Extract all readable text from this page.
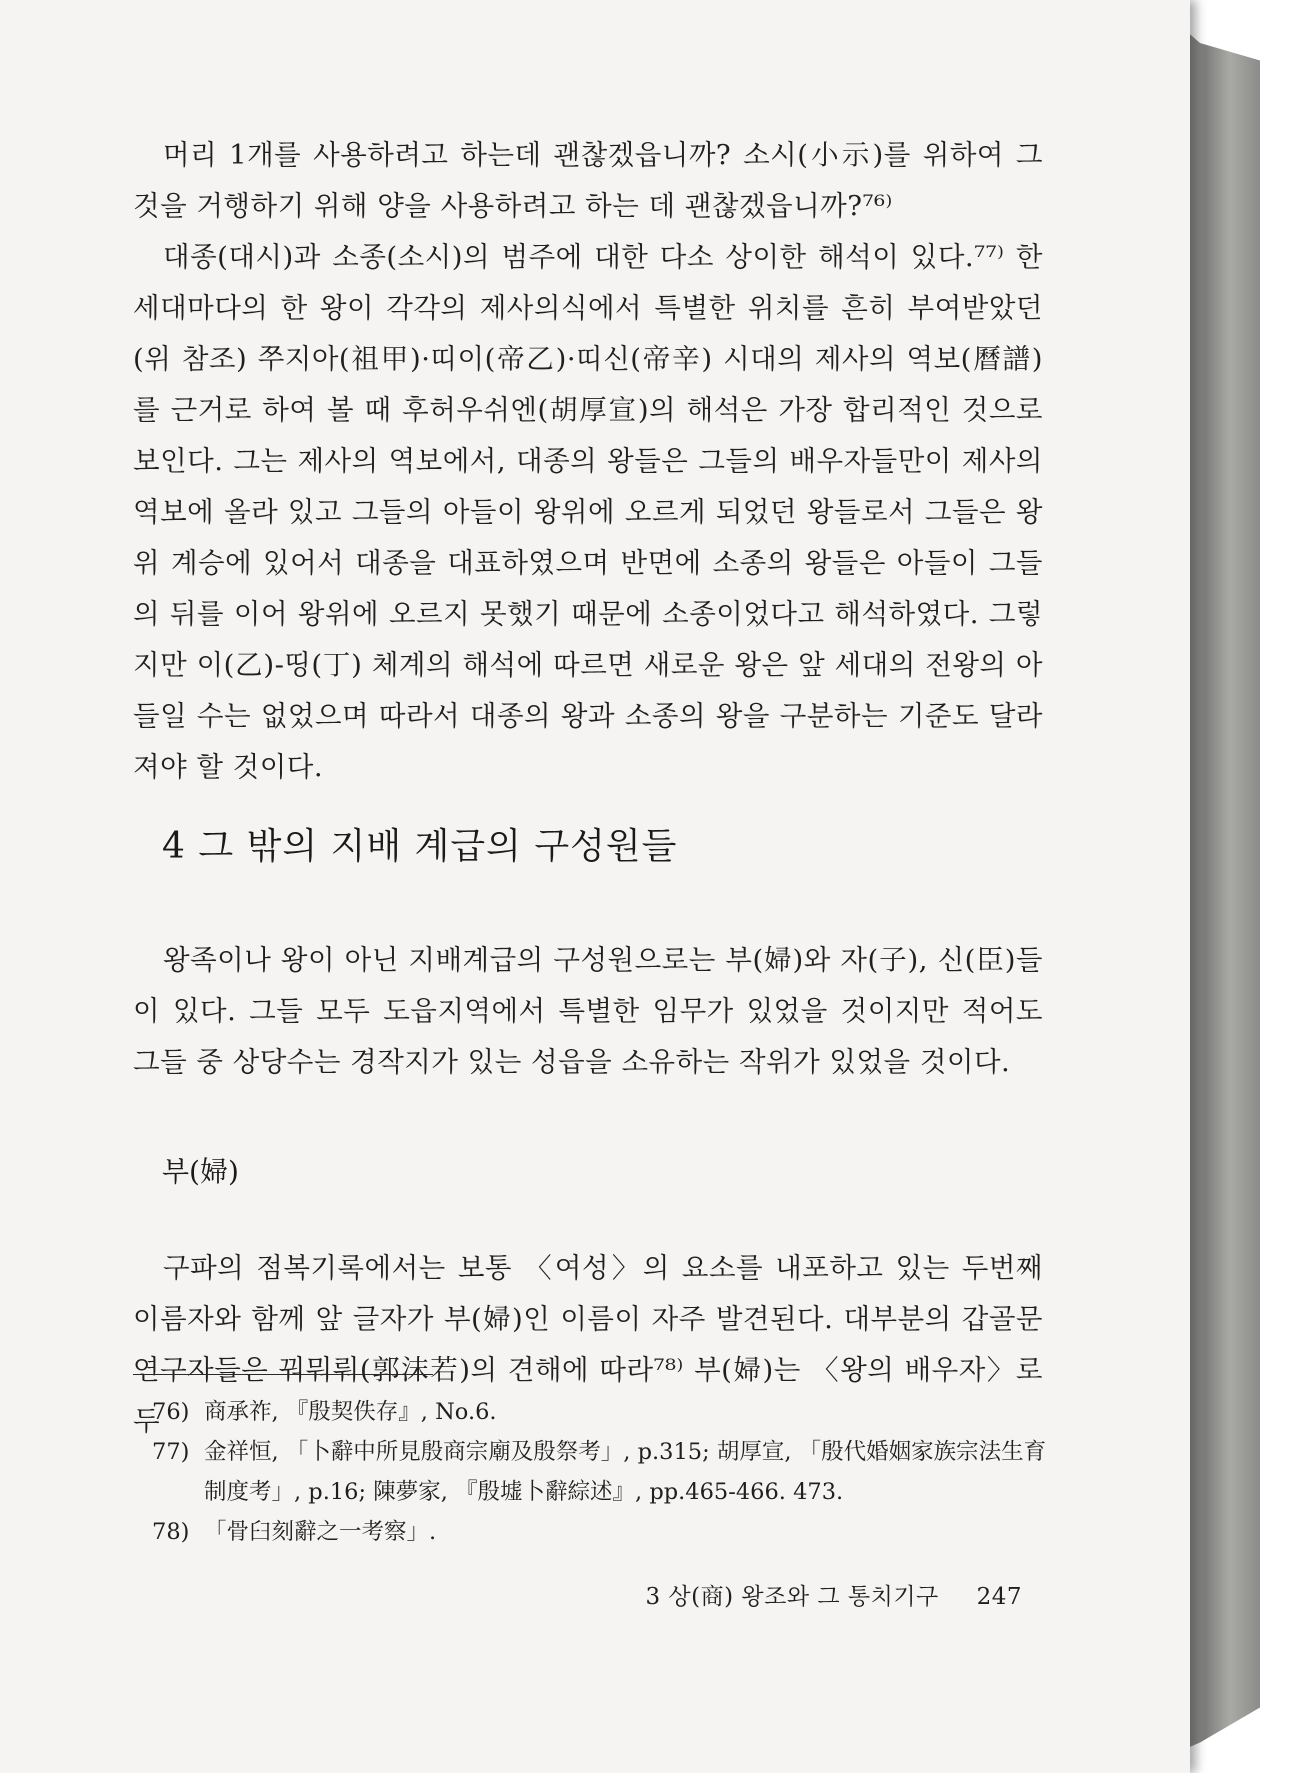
머리 1개를 사용하려고 하는데 괜찮겠읍니까? 소시(小示)를 위하여 그 것을 거행하기 위해 양을 사용하려고 하는 데 괜찮겠읍니까?⁷⁶⁾

대종(대시)과 소종(소시)의 범주에 대한 다소 상이한 해석이 있다.⁷⁷⁾ 한 세대마다의 한 왕이 각각의 제사의식에서 특별한 위치를 흔히 부여받았던(위 참조) 쭈지아(祖甲)·띠이(帝乙)·띠신(帝辛) 시대의 제사의 역보(曆譜)를 근거로 하여 볼 때 후허우쉬엔(胡厚宣)의 해석은 가장 합리적인 것으로 보인다. 그는 제사의 역보에서, 대종의 왕들은 그들의 배우자들만이 제사의 역보에 올라 있고 그들의 아들이 왕위에 오르게 되었던 왕들로서 그들은 왕위 계승에 있어서 대종을 대표하였으며 반면에 소종의 왕들은 아들이 그들의 뒤를 이어 왕위에 오르지 못했기 때문에 소종이었다고 해석하였다. 그렇지만 이(乙)-띵(丁) 체계의 해석에 따르면 새로운 왕은 앞 세대의 전왕의 아들일 수는 없었으며 따라서 대종의 왕과 소종의 왕을 구분하는 기준도 달라져야 할 것이다.

4 그 밖의 지배 계급의 구성원들

왕족이나 왕이 아닌 지배계급의 구성원으로는 부(婦)와 자(子), 신(臣)들이 있다. 그들 모두 도읍지역에서 특별한 임무가 있었을 것이지만 적어도 그들 중 상당수는 경작지가 있는 성읍을 소유하는 작위가 있었을 것이다.

부(婦)

구파의 점복기록에서는 보통 〈여성〉의 요소를 내포하고 있는 두번째 이름자와 함께 앞 글자가 부(婦)인 이름이 자주 발견된다. 대부분의 갑골문 연구자들은 꿔뭐뤄(郭沫若)의 견해에 따라⁷⁸⁾ 부(婦)는 〈왕의 배우자〉로 두

76) 商承祚, 『殷契佚存』, No.6.
77) 金祥恒, 「卜辭中所見殷商宗廟及殷祭考」, p.315; 胡厚宣, 「殷代婚姻家族宗法生育制度考」, p.16; 陳夢家, 『殷墟卜辭綜述』, pp.465-466. 473.
78) 「骨臼刻辭之一考察」.
3 상(商) 왕조와 그 통치기구 247
